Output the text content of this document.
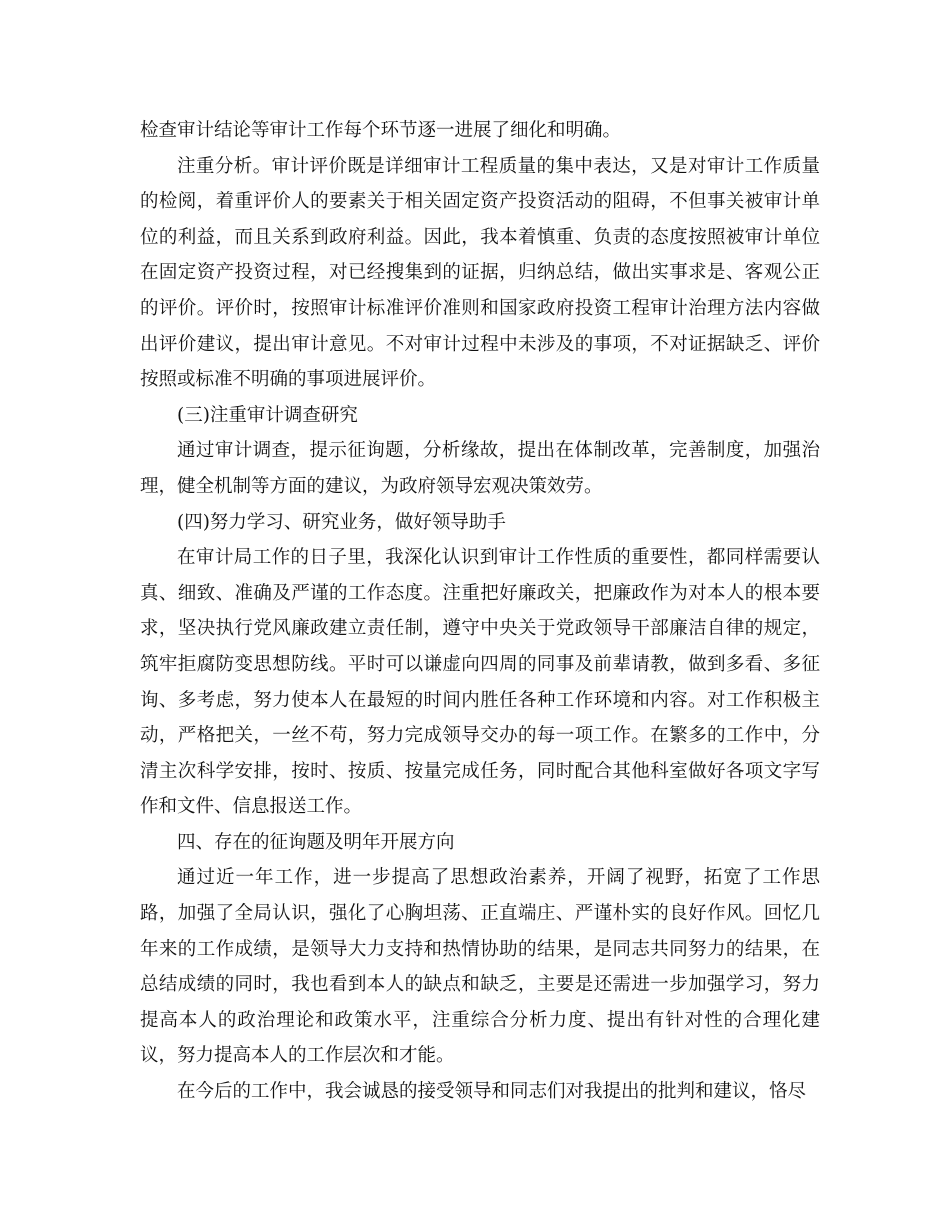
检查审计结论等审计工作每个环节逐一进展了细化和明确。

注重分析。审计评价既是详细审计工程质量的集中表达，又是对审计工作质量的检阅，着重评价人的要素关于相关固定资产投资活动的阻碍，不但事关被审计单位的利益，而且关系到政府利益。因此，我本着慎重、负责的态度按照被审计单位在固定资产投资过程，对已经搜集到的证据，归纳总结，做出实事求是、客观公正的评价。评价时，按照审计标准评价准则和国家政府投资工程审计治理方法内容做出评价建议，提出审计意见。不对审计过程中未涉及的事项，不对证据缺乏、评价按照或标准不明确的事项进展评价。

(三)注重审计调查研究

通过审计调查，提示征询题，分析缘故，提出在体制改革，完善制度，加强治理，健全机制等方面的建议，为政府领导宏观决策效劳。

(四)努力学习、研究业务，做好领导助手

在审计局工作的日子里，我深化认识到审计工作性质的重要性，都同样需要认真、细致、准确及严谨的工作态度。注重把好廉政关，把廉政作为对本人的根本要求，坚决执行党风廉政建立责任制，遵守中央关于党政领导干部廉洁自律的规定，筑牢拒腐防变思想防线。平时可以谦虚向四周的同事及前辈请教，做到多看、多征询、多考虑，努力使本人在最短的时间内胜任各种工作环境和内容。对工作积极主动，严格把关，一丝不苟，努力完成领导交办的每一项工作。在繁多的工作中，分清主次科学安排，按时、按质、按量完成任务，同时配合其他科室做好各项文字写作和文件、信息报送工作。

四、存在的征询题及明年开展方向

通过近一年工作，进一步提高了思想政治素养，开阔了视野，拓宽了工作思路，加强了全局认识，强化了心胸坦荡、正直端庄、严谨朴实的良好作风。回忆几年来的工作成绩，是领导大力支持和热情协助的结果，是同志共同努力的结果，在总结成绩的同时，我也看到本人的缺点和缺乏，主要是还需进一步加强学习，努力提高本人的政治理论和政策水平，注重综合分析力度、提出有针对性的合理化建议，努力提高本人的工作层次和才能。

在今后的工作中，我会诚恳的接受领导和同志们对我提出的批判和建议，恪尽
